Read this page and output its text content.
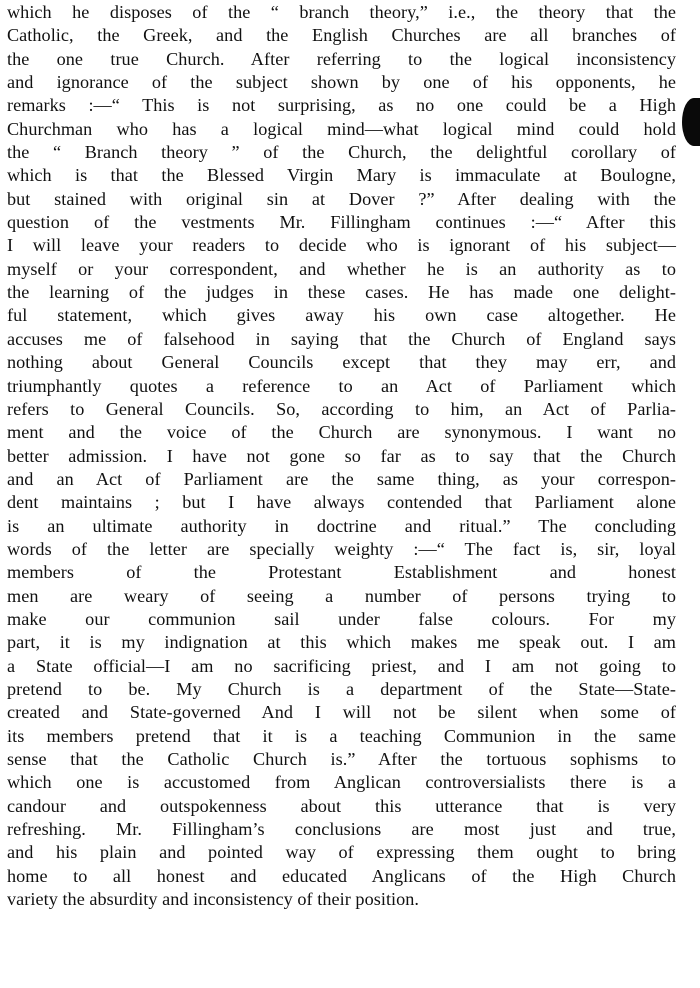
which he disposes of the “ branch theory,” i.e., the theory that the
Catholic, the Greek, and the English Churches are all branches of
the one true Church. After referring to the logical inconsistency
and ignorance of the subject shown by one of his opponents, he
remarks :—“ This is not surprising, as no one could be a High
Churchman who has a logical mind—what logical mind could hold
the “ Branch theory ” of the Church, the delightful corollary of
which is that the Blessed Virgin Mary is immaculate at Boulogne,
but stained with original sin at Dover ?” After dealing with the
question of the vestments Mr. Fillingham continues :—“ After this
I will leave your readers to decide who is ignorant of his subject—
myself or your correspondent, and whether he is an authority as to
the learning of the judges in these cases. He has made one delight-
ful statement, which gives away his own case altogether. He
accuses me of falsehood in saying that the Church of England says
nothing about General Councils except that they may err, and
triumphantly quotes a reference to an Act of Parliament which
refers to General Councils. So, according to him, an Act of Parlia-
ment and the voice of the Church are synonymous. I want no
better admission. I have not gone so far as to say that the Church
and an Act of Parliament are the same thing, as your correspon-
dent maintains ; but I have always contended that Parliament alone
is an ultimate authority in doctrine and ritual.” The concluding
words of the letter are specially weighty :—“ The fact is, sir, loyal
members of the Protestant Establishment and honest
men are weary of seeing a number of persons trying to
make our communion sail under false colours. For my
part, it is my indignation at this which makes me speak out. I am
a State official—I am no sacrificing priest, and I am not going to
pretend to be. My Church is a department of the State—State-
created and State-governed And I will not be silent when some of
its members pretend that it is a teaching Communion in the same
sense that the Catholic Church is.” After the tortuous sophisms to
which one is accustomed from Anglican controversialists there is a
candour and outspokenness about this utterance that is very
refreshing. Mr. Fillingham’s conclusions are most just and true,
and his plain and pointed way of expressing them ought to bring
home to all honest and educated Anglicans of the High Church
variety the absurdity and inconsistency of their position.
